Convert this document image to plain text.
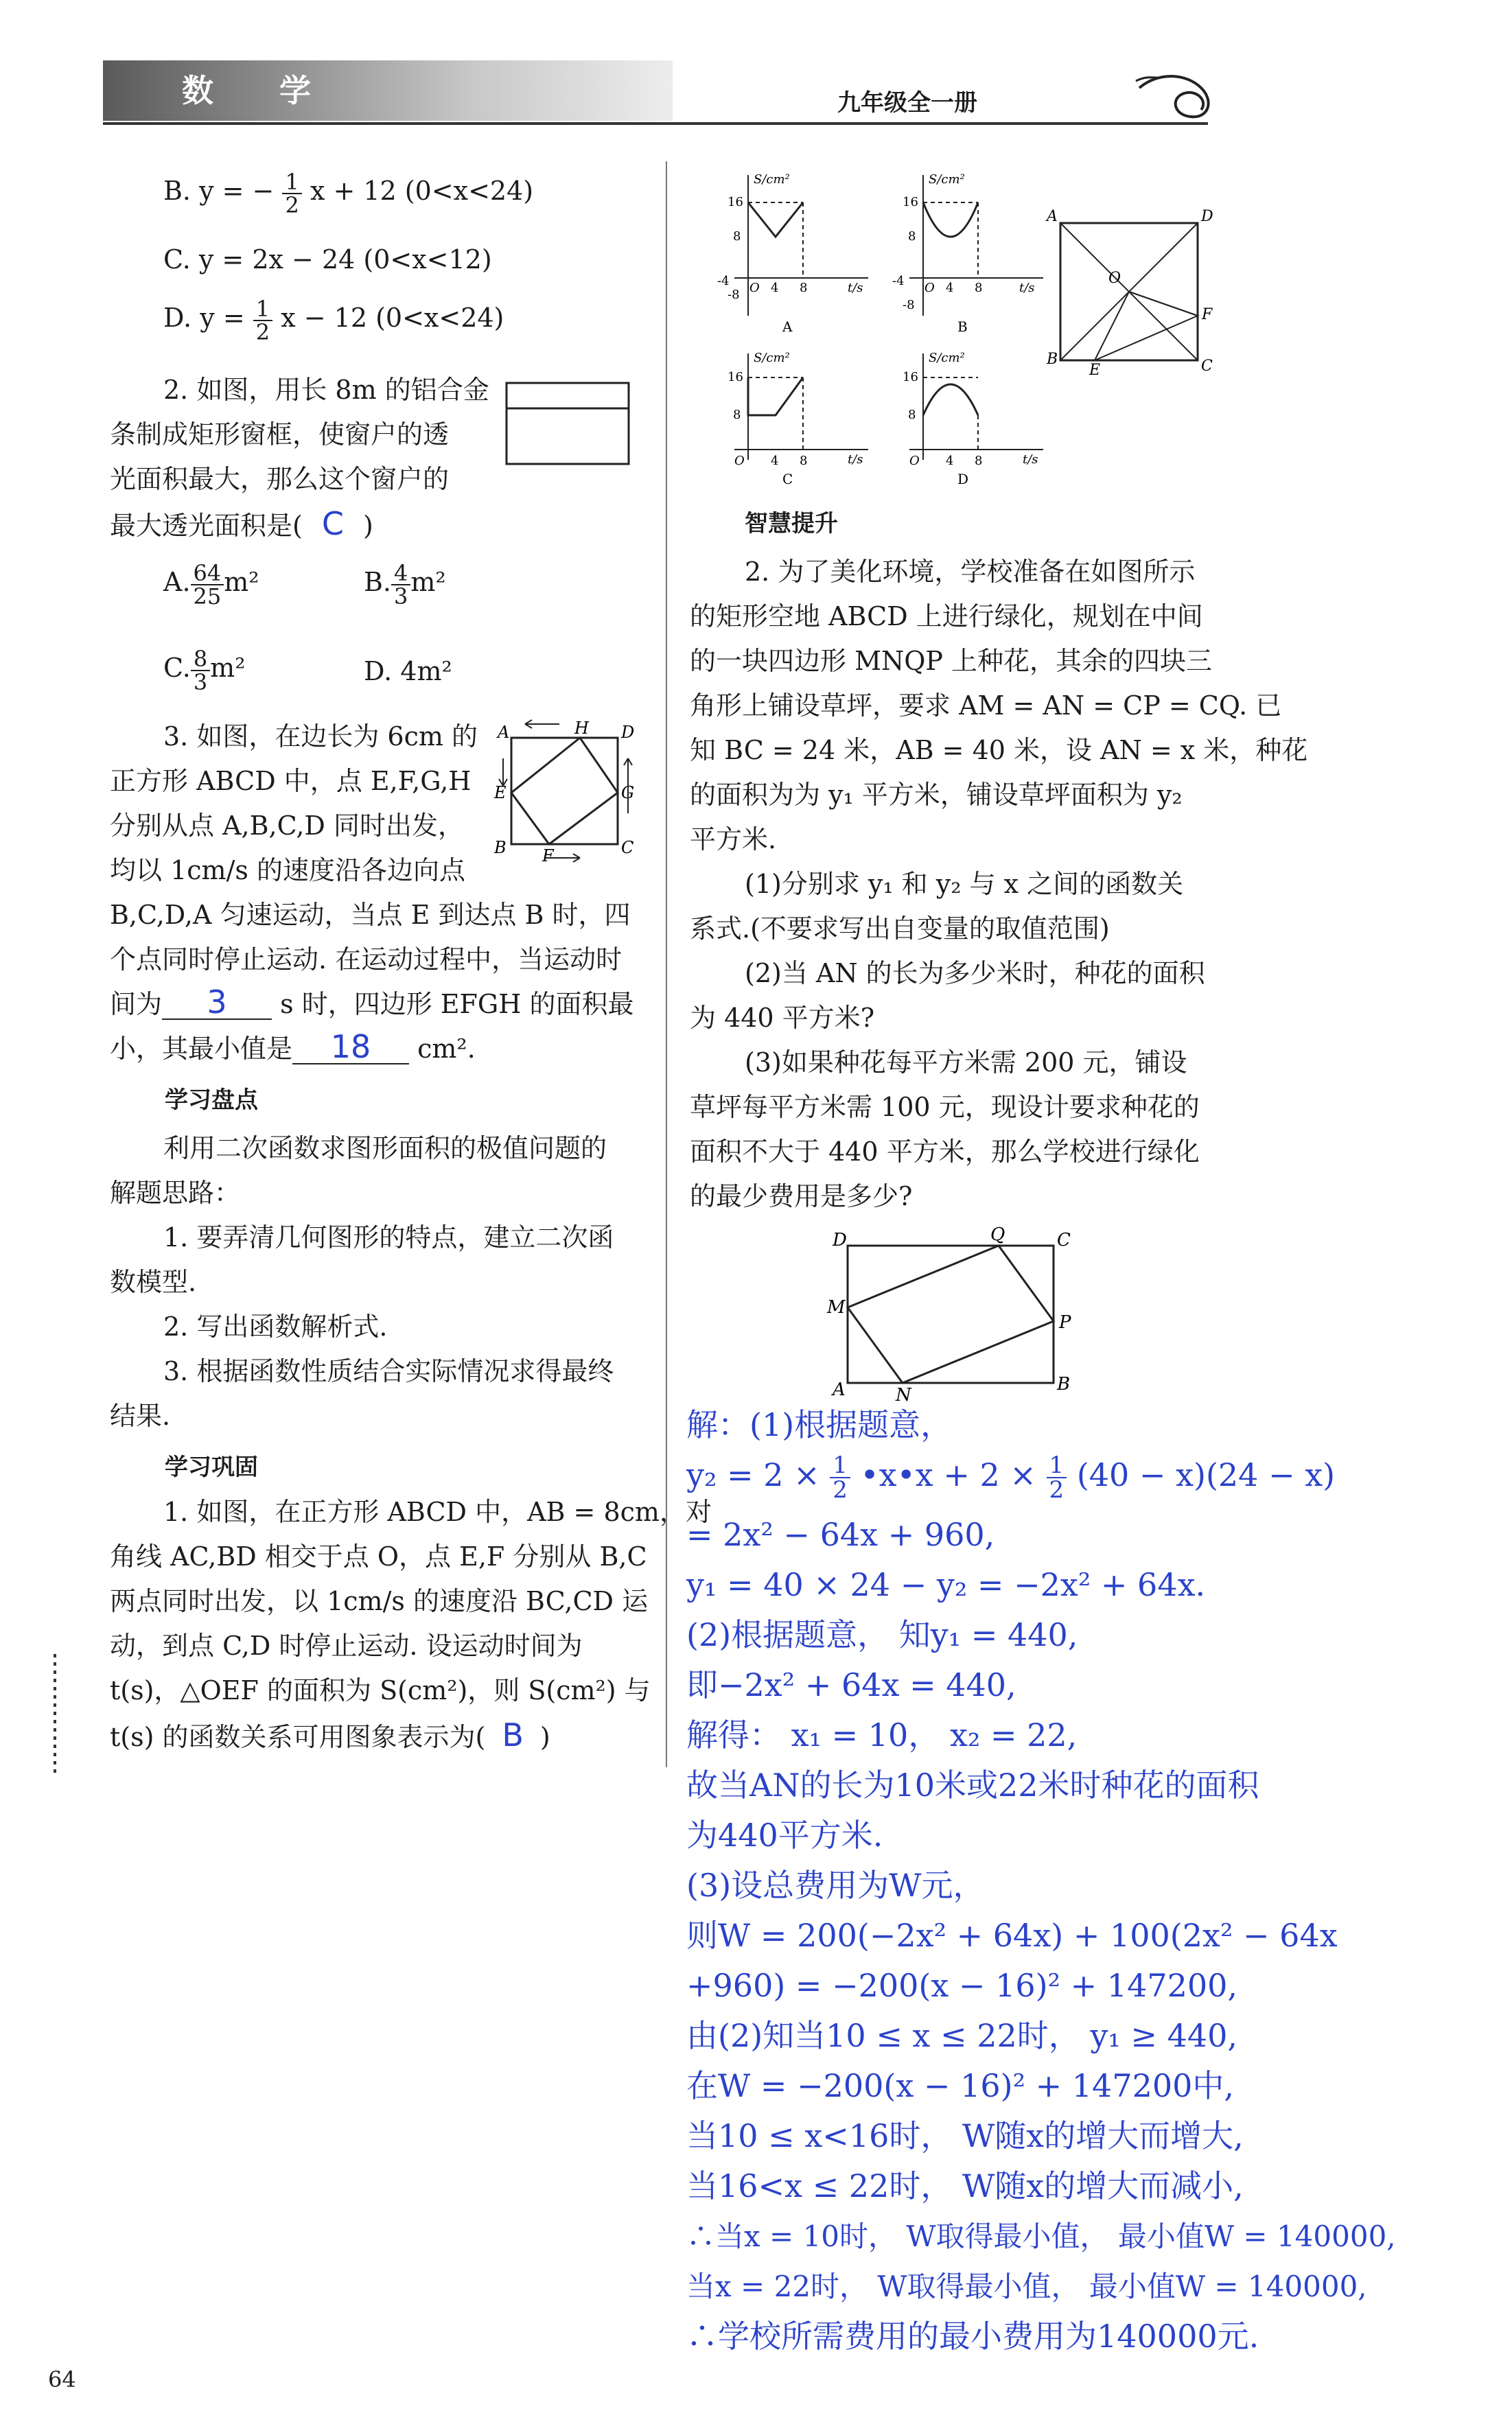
数 学	九年级全一册
B. y = − $\frac{1}{2}$ x + 12 (0<x<24)
C. y = 2x − 24 (0<x<12)
D. $y = \frac{1}{2}$ x − 12 (0<x<24)
2. 如图，用长 8m 的铝合金
条制成矩形窗框，使窗户的透
光面积最大，那么这个窗户的
最大透光面积是( C )
A. $\frac{64}{25} m^2$	B. $\frac{4}{3} m^2$
C. $\frac{8}{3} m^2$	D. 4m²
3. 如图，在边长为 6cm 的
正方形 ABCD 中，点 E,F,G,H
分别从点 A,B,C,D 同时出发，
均以 1cm/s 的速度沿各边向点
B,C,D,A 匀速运动，当点 E 到达点 B 时，四
个点同时停止运动. 在运动过程中，当运动时
间为 3 s 时，四边形 EFGH 的面积最
小，其最小值是 18 cm².
A	H D
E	G
B F	C
学习盘点
利用二次函数求图形面积的极值问题的
解题思路：
1. 要弄清几何图形的特点，建立二次函
数模型.
2. 写出函数解析式.
3. 根据函数性质结合实际情况求得最终
结果.
学习巩固
1. 如图，在正方形 ABCD 中，AB = 8cm，对
角线 AC,BD 相交于点 O，点 E,F 分别从 B,C
两点同时出发，以 1cm/s 的速度沿 BC,CD 运
动，到点 C,D 时停止运动. 设运动时间为
t(s)，△OEF 的面积为 S(cm²)，则 S(cm²) 与
t(s) 的函数关系可用图象表示为( B )
S/cm²
t/s
16
8
-8
-4 O 4 8
A
S/cm²
t/s
16
8
-8
-4 O 4 8
B
S/cm²
t/s
16
8
O 4 8
C
S/cm²
t/s
16
8
O 4 8
D
A	D
O
F
B
E	C
智慧提升
2. 为了美化环境，学校准备在如图所示
的矩形空地 ABCD 上进行绿化，规划在中间
的一块四边形 MNQP 上种花，其余的四块三
角形上铺设草坪，要求 AM = AN = CP = CQ. 已
知 BC = 24 米，AB = 40 米，设 AN = x 米，种花
的面积为为 y₁ 平方米，铺设草坪面积为 y₂
平方米.
(1)分别求 y₁ 和 y₂ 与 x 之间的函数关
系式.(不要求写出自变量的取值范围)
(2)当 AN 的长为多少米时，种花的面积
为 440 平方米?
(3)如果种花每平方米需 200 元，铺设
草坪每平方米需 100 元，现设计要求种花的
面积不大于 440 平方米，那么学校进行绿化
的最少费用是多少?
D	Q	C
M
P
A	N
B
解：(1)根据题意，
$y_2 = 2 \times \frac{1}{2}$ •x•x + $2 \times \frac{1}{2} (40 - x)(24 - x)$
= 2x² − 64x + 960,
y₁ = 40 × 24 − y₂ = −2x² + 64x.
(2)根据题意， 知y₁ = 440,
即−2x² + 64x = 440,
解得： x₁ = 10， x₂ = 22,
故当AN的长为10米或22米时种花的面积
为440平方米.
(3)设总费用为W元，
则W = 200(−2x² + 64x) + 100(2x² − 64x
+960) = −200(x − 16)² + 147200,
由(2)知当10 ≤ x ≤ 22时， y₁ ≥ 440,
在W = −200(x − 16)² + 147200中,
当10 ≤ x<16时， W随x的增大而增大,
当16<x ≤ 22时， W随x的增大而减小,
∴当x = 10时， W取得最小值， 最小值W = 140000,
当x = 22时， W取得最小值， 最小值W = 140000,
∴学校所需费用的最小费用为140000元.
64
